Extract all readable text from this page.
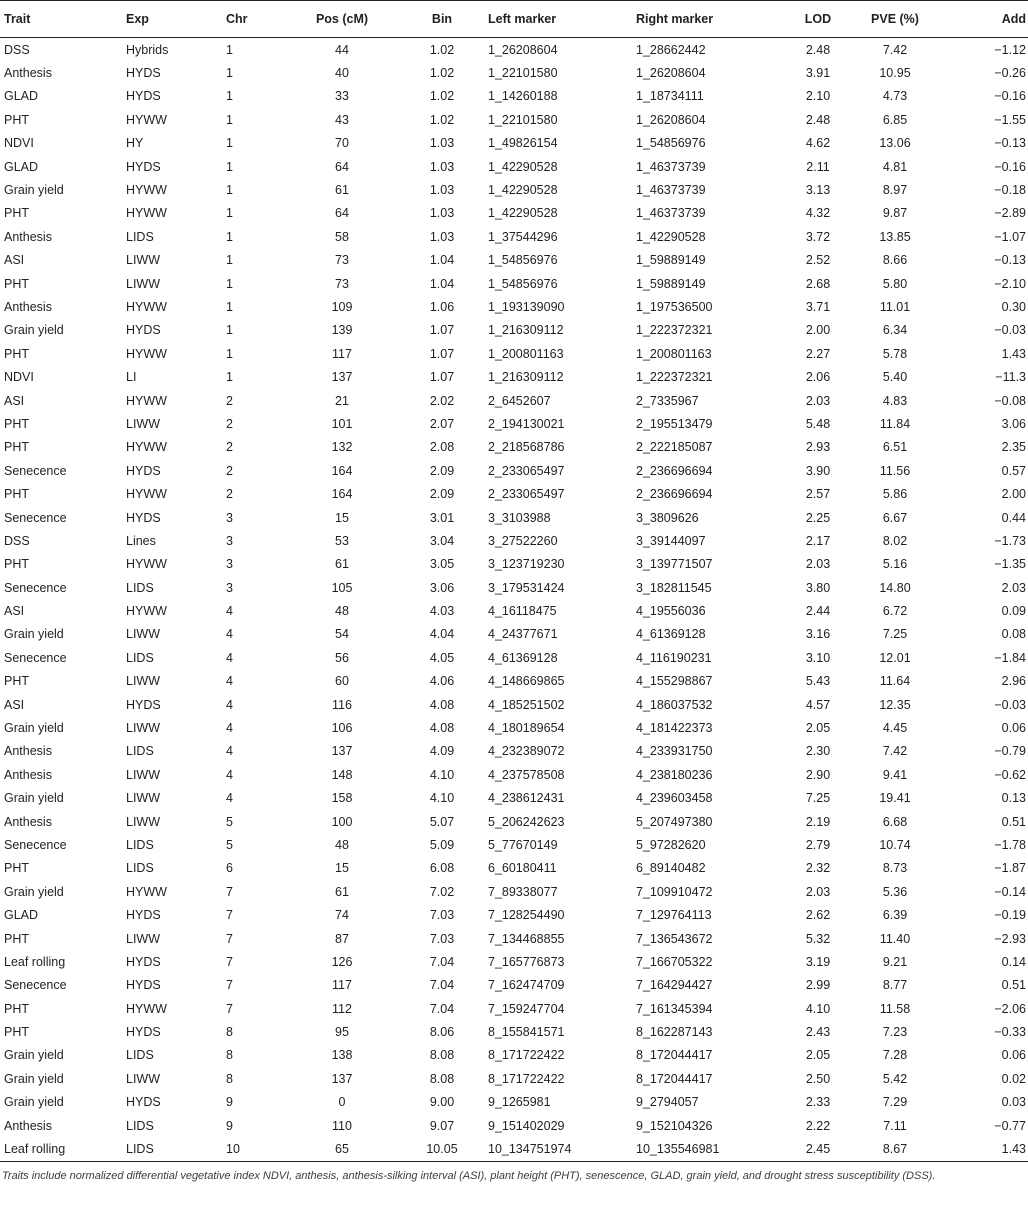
Trait	Exp	Chr	Pos (cM)	Bin	Left marker	Right marker	LOD	PVE (%)	Add
DSS	Hybrids	1	44	1.02	1_26208604	1_28662442	2.48	7.42	−1.12
Anthesis	HYDS	1	40	1.02	1_22101580	1_26208604	3.91	10.95	−0.26
GLAD	HYDS	1	33	1.02	1_14260188	1_18734111	2.10	4.73	−0.16
PHT	HYWW	1	43	1.02	1_22101580	1_26208604	2.48	6.85	−1.55
NDVI	HY	1	70	1.03	1_49826154	1_54856976	4.62	13.06	−0.13
GLAD	HYDS	1	64	1.03	1_42290528	1_46373739	2.11	4.81	−0.16
Grain yield	HYWW	1	61	1.03	1_42290528	1_46373739	3.13	8.97	−0.18
PHT	HYWW	1	64	1.03	1_42290528	1_46373739	4.32	9.87	−2.89
Anthesis	LIDS	1	58	1.03	1_37544296	1_42290528	3.72	13.85	−1.07
ASI	LIWW	1	73	1.04	1_54856976	1_59889149	2.52	8.66	−0.13
PHT	LIWW	1	73	1.04	1_54856976	1_59889149	2.68	5.80	−2.10
Anthesis	HYWW	1	109	1.06	1_193139090	1_197536500	3.71	11.01	0.30
Grain yield	HYDS	1	139	1.07	1_216309112	1_222372321	2.00	6.34	−0.03
PHT	HYWW	1	117	1.07	1_200801163	1_200801163	2.27	5.78	1.43
NDVI	LI	1	137	1.07	1_216309112	1_222372321	2.06	5.40	−11.3
ASI	HYWW	2	21	2.02	2_6452607	2_7335967	2.03	4.83	−0.08
PHT	LIWW	2	101	2.07	2_194130021	2_195513479	5.48	11.84	3.06
PHT	HYWW	2	132	2.08	2_218568786	2_222185087	2.93	6.51	2.35
Senecence	HYDS	2	164	2.09	2_233065497	2_236696694	3.90	11.56	0.57
PHT	HYWW	2	164	2.09	2_233065497	2_236696694	2.57	5.86	2.00
Senecence	HYDS	3	15	3.01	3_3103988	3_3809626	2.25	6.67	0.44
DSS	Lines	3	53	3.04	3_27522260	3_39144097	2.17	8.02	−1.73
PHT	HYWW	3	61	3.05	3_123719230	3_139771507	2.03	5.16	−1.35
Senecence	LIDS	3	105	3.06	3_179531424	3_182811545	3.80	14.80	2.03
ASI	HYWW	4	48	4.03	4_16118475	4_19556036	2.44	6.72	0.09
Grain yield	LIWW	4	54	4.04	4_24377671	4_61369128	3.16	7.25	0.08
Senecence	LIDS	4	56	4.05	4_61369128	4_116190231	3.10	12.01	−1.84
PHT	LIWW	4	60	4.06	4_148669865	4_155298867	5.43	11.64	2.96
ASI	HYDS	4	116	4.08	4_185251502	4_186037532	4.57	12.35	−0.03
Grain yield	LIWW	4	106	4.08	4_180189654	4_181422373	2.05	4.45	0.06
Anthesis	LIDS	4	137	4.09	4_232389072	4_233931750	2.30	7.42	−0.79
Anthesis	LIWW	4	148	4.10	4_237578508	4_238180236	2.90	9.41	−0.62
Grain yield	LIWW	4	158	4.10	4_238612431	4_239603458	7.25	19.41	0.13
Anthesis	LIWW	5	100	5.07	5_206242623	5_207497380	2.19	6.68	0.51
Senecence	LIDS	5	48	5.09	5_77670149	5_97282620	2.79	10.74	−1.78
PHT	LIDS	6	15	6.08	6_60180411	6_89140482	2.32	8.73	−1.87
Grain yield	HYWW	7	61	7.02	7_89338077	7_109910472	2.03	5.36	−0.14
GLAD	HYDS	7	74	7.03	7_128254490	7_129764113	2.62	6.39	−0.19
PHT	LIWW	7	87	7.03	7_134468855	7_136543672	5.32	11.40	−2.93
Leaf rolling	HYDS	7	126	7.04	7_165776873	7_166705322	3.19	9.21	0.14
Senecence	HYDS	7	117	7.04	7_162474709	7_164294427	2.99	8.77	0.51
PHT	HYWW	7	112	7.04	7_159247704	7_161345394	4.10	11.58	−2.06
PHT	HYDS	8	95	8.06	8_155841571	8_162287143	2.43	7.23	−0.33
Grain yield	LIDS	8	138	8.08	8_171722422	8_172044417	2.05	7.28	0.06
Grain yield	LIWW	8	137	8.08	8_171722422	8_172044417	2.50	5.42	0.02
Grain yield	HYDS	9	0	9.00	9_1265981	9_2794057	2.33	7.29	0.03
Anthesis	LIDS	9	110	9.07	9_151402029	9_152104326	2.22	7.11	−0.77
Leaf rolling	LIDS	10	65	10.05	10_134751974	10_135546981	2.45	8.67	1.43
Traits include normalized differential vegetative index NDVI, anthesis, anthesis-silking interval (ASI), plant height (PHT), senescence, GLAD, grain yield, and drought stress susceptibility (DSS).
